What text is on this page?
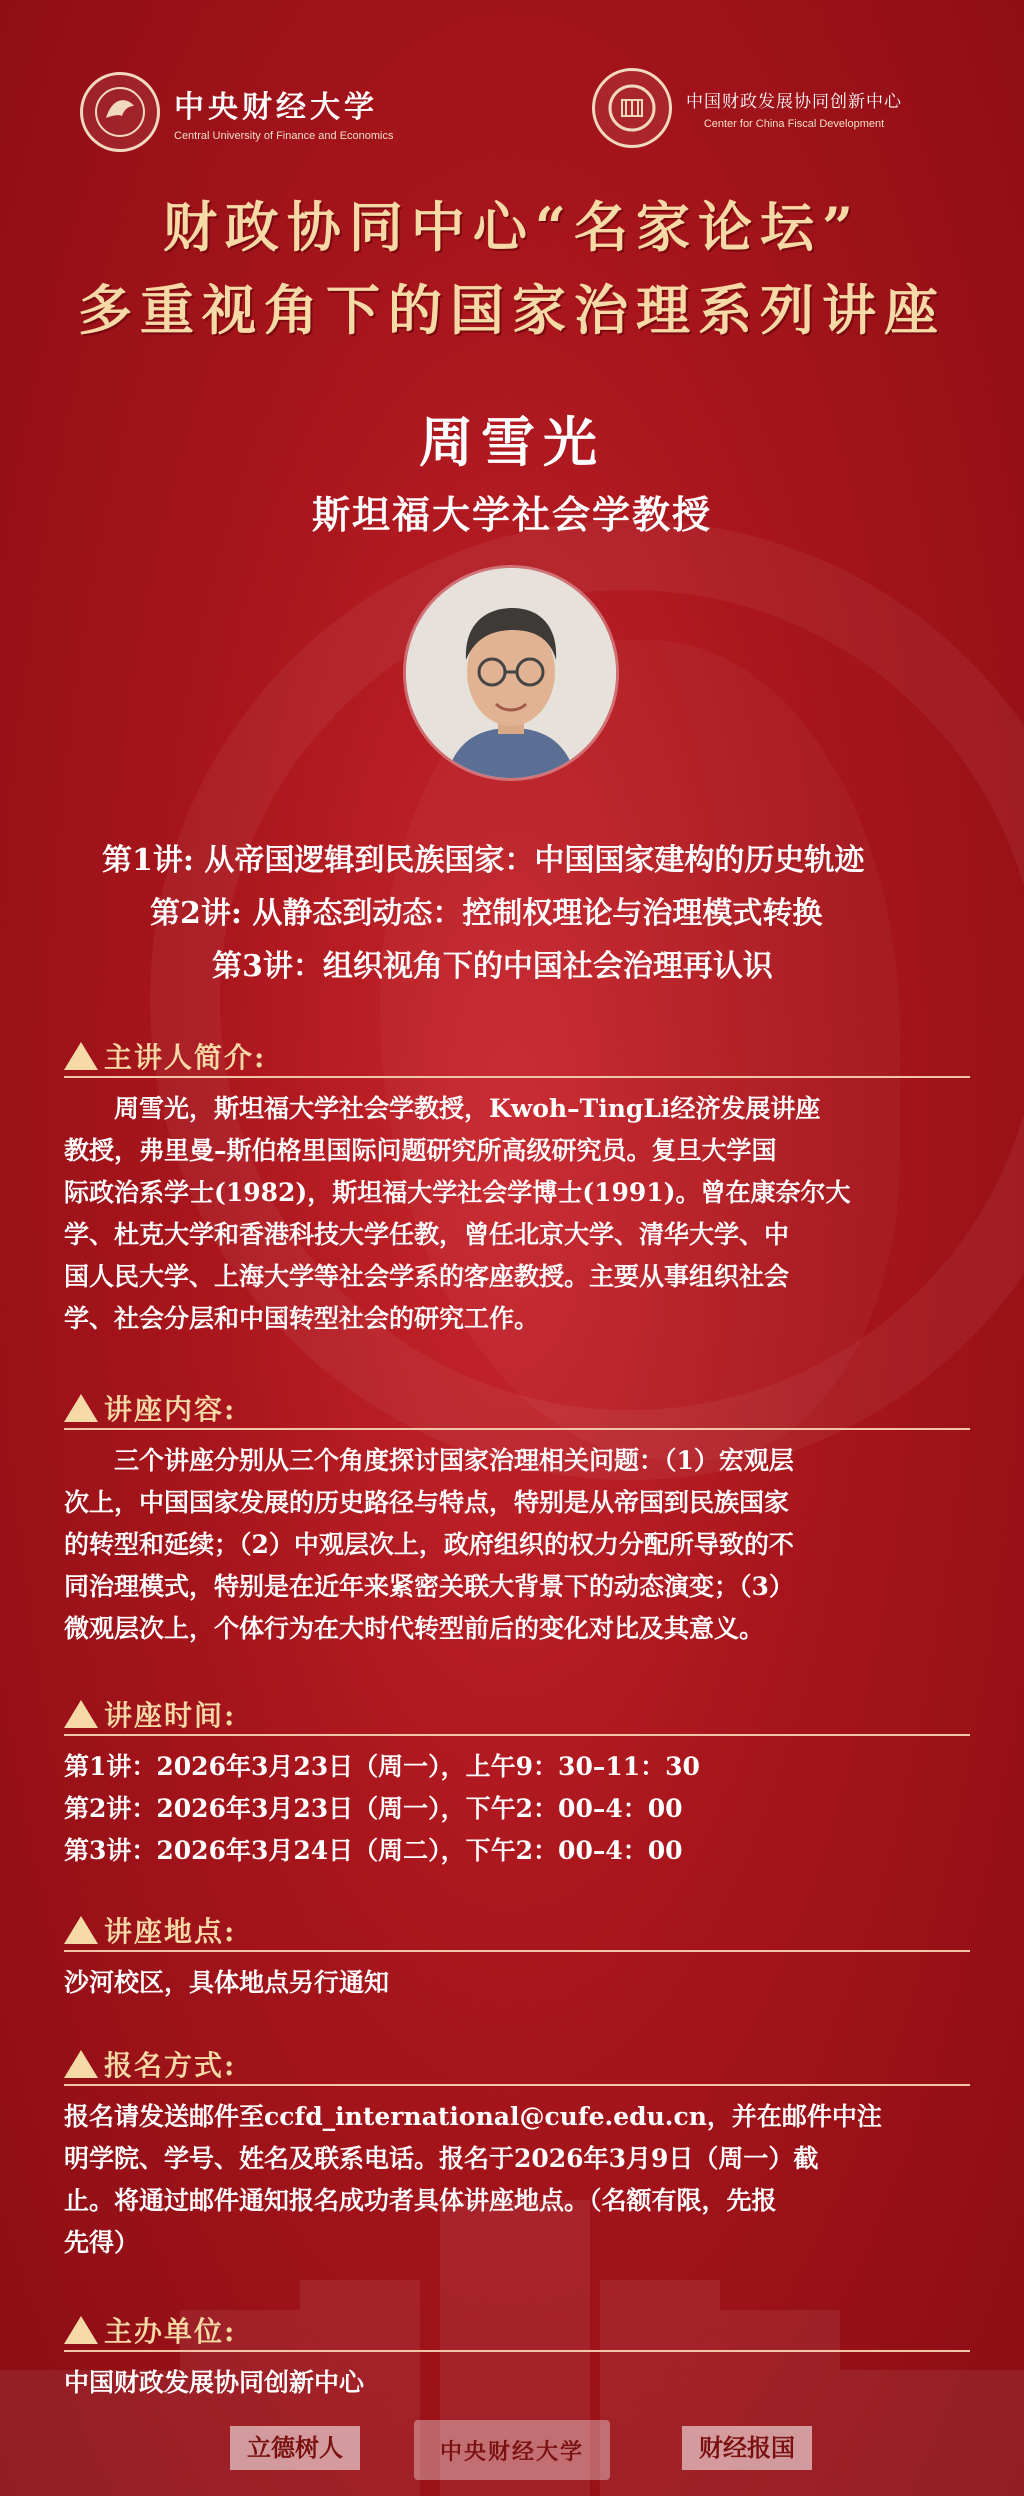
中央财经大学
Central University of Finance and Economics
中国财政发展协同创新中心
Center for China Fiscal Development
财政协同中心“名家论坛”
多重视角下的国家治理系列讲座
周雪光
斯坦福大学社会学教授
第1讲: 从帝国逻辑到民族国家：中国国家建构的历史轨迹
第2讲: 从静态到动态：控制权理论与治理模式转换
第3讲：组织视角下的中国社会治理再认识
主讲人简介:
周雪光，斯坦福大学社会学教授，Kwoh–TingLi经济发展讲座
教授，弗里曼–斯伯格里国际问题研究所高级研究员。复旦大学国
际政治系学士(1982)，斯坦福大学社会学博士(1991)。曾在康奈尔大
学、杜克大学和香港科技大学任教，曾任北京大学、清华大学、中
国人民大学、上海大学等社会学系的客座教授。主要从事组织社会
学、社会分层和中国转型社会的研究工作。
讲座内容:
三个讲座分别从三个角度探讨国家治理相关问题：（1）宏观层
次上，中国国家发展的历史路径与特点，特别是从帝国到民族国家
的转型和延续；（2）中观层次上，政府组织的权力分配所导致的不
同治理模式，特别是在近年来紧密关联大背景下的动态演变；（3）
微观层次上，个体行为在大时代转型前后的变化对比及其意义。
讲座时间:
第1讲：2026年3月23日（周一），上午9：30–11：30
第2讲：2026年3月23日（周一），下午2：00–4：00
第3讲：2026年3月24日（周二），下午2：00–4：00
讲座地点:
沙河校区，具体地点另行通知
报名方式:
报名请发送邮件至ccfd_international@cufe.edu.cn，并在邮件中注
明学院、学号、姓名及联系电话。报名于2026年3月9日（周一）截
止。将通过邮件通知报名成功者具体讲座地点。（名额有限，先报
先得）
主办单位:
中国财政发展协同创新中心
立德树人	中央财经大学	财经报国
